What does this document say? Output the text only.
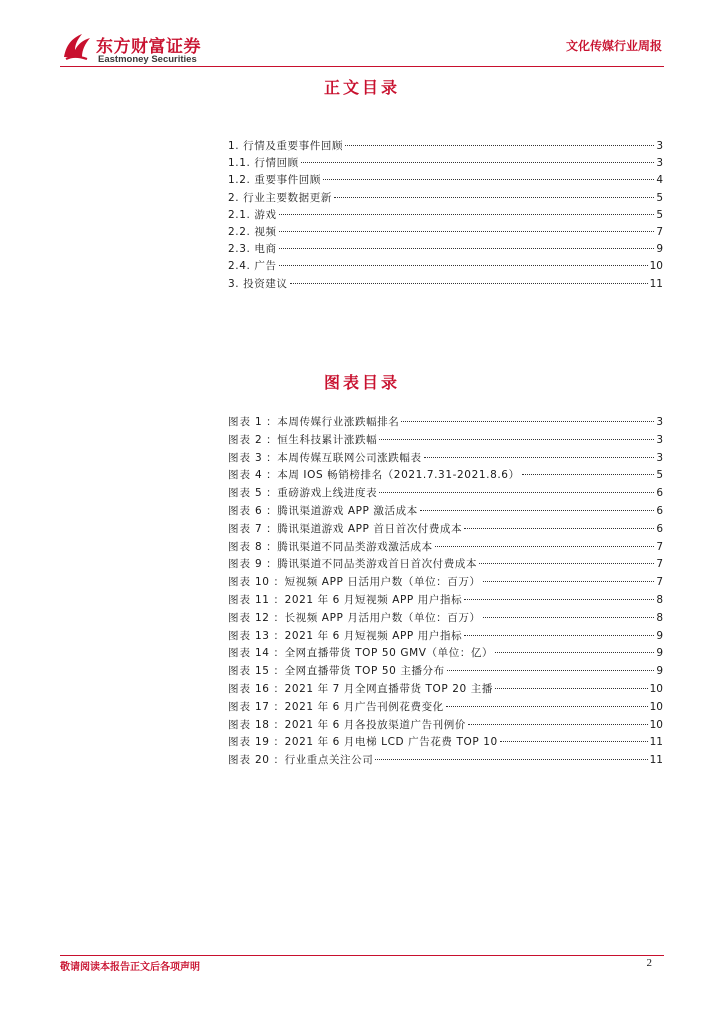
东方财富证券
Eastmoney Securities
文化传媒行业周报
正文目录
1. 行情及重要事件回顾	3
1.1. 行情回顾	3
1.2. 重要事件回顾	4
2. 行业主要数据更新	5
2.1. 游戏	5
2.2. 视频	7
2.3. 电商	9
2.4. 广告	10
3. 投资建议	11
图表目录
图表 1 ：本周传媒行业涨跌幅排名	3
图表 2 ：恒生科技累计涨跌幅	3
图表 3 ：本周传媒互联网公司涨跌幅表	3
图表 4 ：本周 IOS 畅销榜排名（2021.7.31-2021.8.6）	5
图表 5 ：重磅游戏上线进度表	6
图表 6 ：腾讯渠道游戏 APP 激活成本	6
图表 7 ：腾讯渠道游戏 APP 首日首次付费成本	6
图表 8 ：腾讯渠道不同品类游戏激活成本	7
图表 9 ：腾讯渠道不同品类游戏首日首次付费成本	7
图表 10 ：短视频 APP 日活用户数（单位：百万）	7
图表 11 ：2021 年 6 月短视频 APP 用户指标	8
图表 12 ：长视频 APP 月活用户数（单位：百万）	8
图表 13 ：2021 年 6 月短视频 APP 用户指标	9
图表 14 ：全网直播带货 TOP 50 GMV（单位：亿）	9
图表 15 ：全网直播带货 TOP 50 主播分布	9
图表 16 ：2021 年 7 月全网直播带货 TOP 20 主播	10
图表 17 ：2021 年 6 月广告刊例花费变化	10
图表 18 ：2021 年 6 月各投放渠道广告刊例价	10
图表 19 ：2021 年 6 月电梯 LCD 广告花费 TOP 10	11
图表 20 ：行业重点关注公司	11
敬请阅读本报告正文后各项声明	2
